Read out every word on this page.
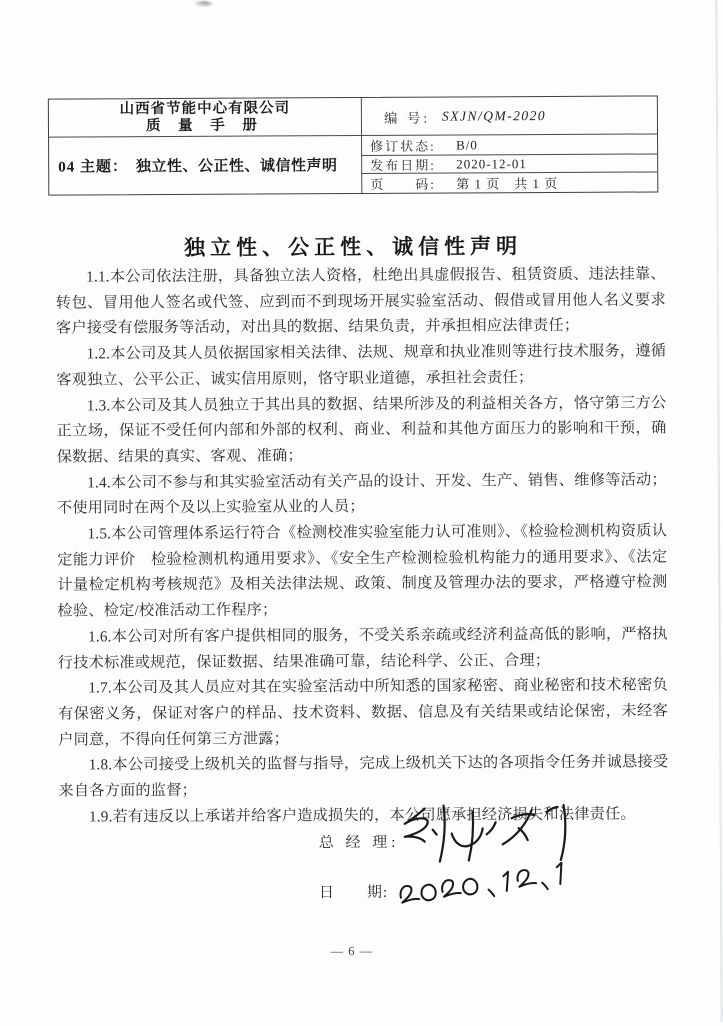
山西省节能中心有限公司
质 量 手 册	编 号: SXJN/QM-2020
04 主题： 独立性、公正性、诚信性声明
修订状态:	B/0
发布日期:	2020-12-01
页　　码:	第 1 页　共 1 页
独立性、公正性、诚信性声明

1.1.本公司依法注册，具备独立法人资格，杜绝出具虚假报告、租赁资质、违法挂靠、转包、冒用他人签名或代签、应到而不到现场开展实验室活动、假借或冒用他人名义要求客户接受有偿服务等活动，对出具的数据、结果负责，并承担相应法律责任；

1.2.本公司及其人员依据国家相关法律、法规、规章和执业准则等进行技术服务，遵循客观独立、公平公正、诚实信用原则，恪守职业道德，承担社会责任；

1.3.本公司及其人员独立于其出具的数据、结果所涉及的利益相关各方，恪守第三方公正立场，保证不受任何内部和外部的权利、商业、利益和其他方面压力的影响和干预，确保数据、结果的真实、客观、准确；

1.4.本公司不参与和其实验室活动有关产品的设计、开发、生产、销售、维修等活动；不使用同时在两个及以上实验室从业的人员；

1.5.本公司管理体系运行符合《检测校准实验室能力认可准则》、《检验检测机构资质认定能力评价　检验检测机构通用要求》、《安全生产检测检验机构能力的通用要求》、《法定计量检定机构考核规范》及相关法律法规、政策、制度及管理办法的要求，严格遵守检测检验、检定/校准活动工作程序；

1.6.本公司对所有客户提供相同的服务，不受关系亲疏或经济利益高低的影响，严格执行技术标准或规范，保证数据、结果准确可靠，结论科学、公正、合理；

1.7.本公司及其人员应对其在实验室活动中所知悉的国家秘密、商业秘密和技术秘密负有保密义务，保证对客户的样品、技术资料、数据、信息及有关结果或结论保密，未经客户同意，不得向任何第三方泄露；

1.8.本公司接受上级机关的监督与指导，完成上级机关下达的各项指令任务并诚恳接受来自各方面的监督；

1.9.若有违反以上承诺并给客户造成损失的，本公司愿承担经济损失和法律责任。

总 经 理:
日　　期:
— 6 —
